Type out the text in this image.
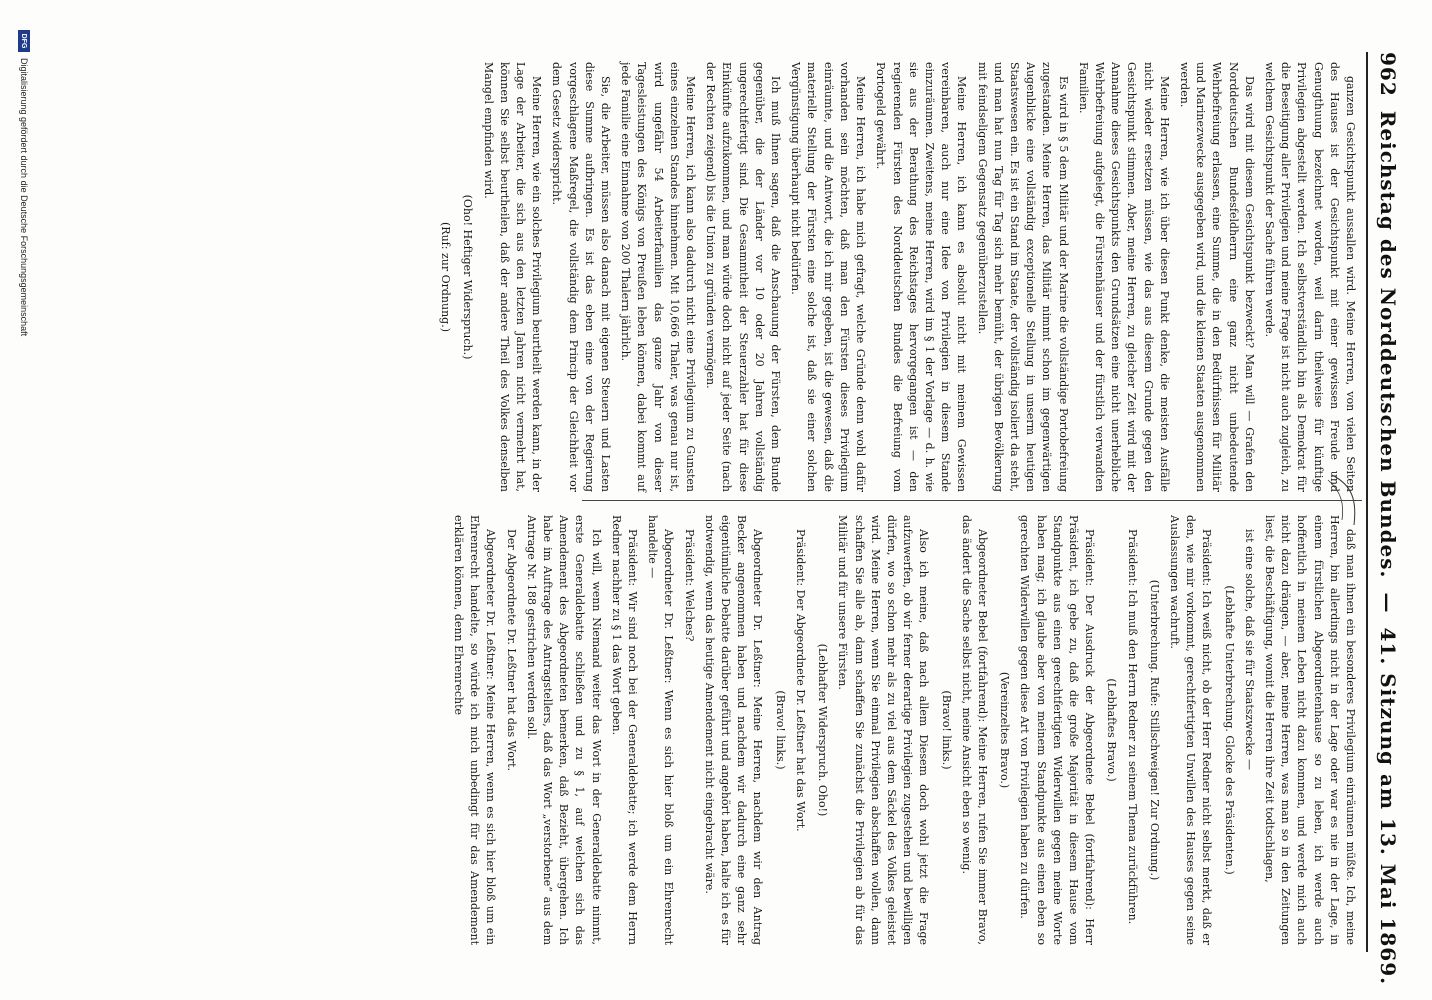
962
Reichstag des Norddeutschen Bundes.
—
41. Sitzung am 13. Mai 1869.

ganzen Gesichtspunkt aussallen wird. Meine Herren, von vielen Seiten des Hauses ist der Gesichtspunkt mit einer gewissen Freude und Genugthuung bezeichnet worden, weil darin theilweise für künftige Privilegien abgestellt werden. Ich selbstverständlich bin als Demokrat für die Beseitigung aller Privilegien und meine Frage ist nicht auch zugleich, zu welchem Gesichtspunkt der Sache führen werde.

Das wird mit diesem Gesichtspunkt bezweckt? Man will — Grafen den Norddeutschen Bundesfeldherrn eine ganz nicht unbedeutende Wehrbefreiung erlassen, eine Summe, die in den Bedürfnissen für Militär und Marinezwecke ausgegeben wird, und die kleinen Staaten ausgenommen werden.

Meine Herren, wie ich über diesen Punkt denke, die meisten Ausfälle nicht wieder ersetzen müssen, wie das aus diesem Grunde gegen den Gesichtspunkt stimmen. Aber, meine Herren, zu gleicher Zeit wird mit der Annahme dieses Gesichtspunkts den Grundsätzen eine nicht unerhebliche Wehrbefreiung aufgelegt, die Fürstenhäuser und der fürstlich verwandten Familien.

Es wird in § 5 dem Militär und der Marine die vollständige Portobefreiung zugestanden. Meine Herren, das Militär nimmt schon im gegenwärtigen Augenblicke eine vollständig exceptionelle Stellung in unserm heutigen Staatswesen ein. Es ist ein Stand im Staate, der vollständig isoliert da steht, und man hat nun Tag für Tag sich mehr bemüht, der übrigen Bevölkerung mit feindseligem Gegensatz gegenüberzustellen.

Meine Herren, ich kann es absolut nicht mit meinem Gewissen vereinbaren, auch nur eine Idee von Privilegien in diesem Stande einzuräumen. Zweitens, meine Herren, wird im § 1 der Vorlage — d. h. wie sie aus der Berathung des Reichstages hervorgegangen ist — den regierenden Fürsten des Norddeutschen Bundes die Befreiung vom Portogeld gewährt.

Meine Herren, ich habe mich gefragt, welche Gründe denn wohl dafür vorhanden sein möchten, daß man den Fürsten dieses Privilegium einräumte, und die Antwort, die ich mir gegeben, ist die gewesen, daß die materielle Stellung der Fürsten eine solche ist, daß sie einer solchen Vergünstigung überhaupt nicht bedürfen.

Ich muß Ihnen sagen, daß die Anschauung der Fürsten, dem Bunde gegenüber, die der Länder vor 10 oder 20 Jahren vollständig ungerechtfertigt sind. Die Gesammtheit der Steuerzahler hat für diese Einkünfte aufzukommen, und man würde doch nicht auf jeder Seite (nach der Rechten zeigend) bis die Union zu gründen vermögen.

Meine Herren, ich kann also dadurch nicht eine Privilegium zu Gunsten eines einzelnen Standes hinnehmen. Mit 10,666 Thaler, was genau nur ist, wird ungefähr 54 Arbeiterfamilien das ganze Jahr von dieser Tagesleistungen des Königs von Preußen leben können, dabei kommt auf jede Familie eine Einnahme von 200 Thalern jährlich.

Sie, die Arbeiter, müssen also danach mit eigenen Steuern und Lasten diese Summe aufbringen. Es ist das eben eine von der Regierung vorgeschlagene Maßregel, die vollständig dem Princip der Gleichheit vor dem Gesetz widerspricht.

Meine Herren, wie ein solches Privilegium beurtheilt werden kann, in der Lage der Arbeiter, die sich aus den letzten Jahren nicht vermehrt hat, können Sie selbst beurtheilen, daß der andere Theil des Volkes denselben Mangel empfinden wird.

(Oho! Heftiger Widerspruch.)

(Ruf: zur Ordnung.)

daß man ihnen ein besonderes Privilegium einräumen müßte. Ich, meine Herren, bin allerdings nicht in der Lage oder war es nie in der Lage, in einem fürstlichen Abgeordnetenhause so zu leben, ich werde auch hoffentlich in meinem Leben nicht dazu kommen, und werde mich auch nicht dazu drängen, — aber, meine Herren, was man so in den Zeitungen liest, die Beschäftigung, womit die Herren ihre Zeit todtschlagen,

ist eine solche, daß sie für Staatszwecke —

(Lebhafte Unterbrechung. Glocke des Präsidenten.)

Präsident: Ich weiß nicht, ob der Herr Redner nicht selbst merkt, daß er den, wie mir vorkommt, gerechtfertigten Unwillen des Hauses gegen seine Auslassungen wachruft.

(Unterbrechung. Rufe: Stillschweigen! Zur Ordnung.)

Präsident: Ich muß den Herrn Redner zu seinem Thema zurückführen.

(Lebhaftes Bravo.)

Präsident: Der Ausdruck der Abgeordnete Bebel (fortfahrend): Herr Präsident, ich gebe zu, daß die große Majorität in diesem Hause vom Standpunkte aus einen gerechtfertigten Widerwillen gegen meine Worte haben mag; ich glaube aber von meinem Standpunkte aus einen eben so gerechten Widerwillen gegen diese Art von Privilegien haben zu dürfen.

(Vereinzeltes Bravo.)

Abgeordneter Bebel (fortfahrend): Meine Herren, rufen Sie immer Bravo, das ändert die Sache selbst nicht, meine Ansicht eben so wenig.

(Bravo! links.)

Also ich meine, daß nach allem Diesem doch wohl jetzt die Frage aufzuwerfen, ob wir ferner derartige Privilegien zugestehen und bewilligen dürfen, wo so schon mehr als zu viel aus dem Säckel des Volkes geleistet wird. Meine Herren, wenn Sie einmal Privilegien abschaffen wollen, dann schaffen Sie alle ab, dann schaffen Sie zunächst die Privilegien ab für das Militär und für unsere Fürsten.

(Lebhafter Widerspruch. Oho!)

Präsident: Der Abgeordnete Dr. Leßtner hat das Wort.

(Bravo! links.)

Abgeordneter Dr. Leßtner: Meine Herren, nachdem wir den Antrag Becker angenommen haben und nachdem wir dadurch eine ganz sehr eigentümliche Debatte darüber geführt und angehört haben, halte ich es für notwendig, wenn das heutige Amendement nicht eingebracht wäre.

Präsident: Welches?

Abgeordneter Dr. Leßtner: Wenn es sich hier bloß um ein Ehrenrecht handelte —

Präsident: Wir sind noch bei der Generaldebatte; ich werde dem Herrn Redner nachher zu § 1 das Wort geben.

Ich will, wenn Niemand weiter das Wort in der Generaldebatte nimmt, erste Generaldebatte schließen und zu § 1, auf welchen sich das Amendement des Abgeordneten bemerken, daß Bezieht, übergehen. Ich habe im Auftrage des Antragstellers, daß das Wort „verstorbene“ aus dem Antrage Nr. 188 gestrichen werden soll.

Der Abgeordnete Dr. Leßtner hat das Wort.

Abgeordneter Dr. Leßtner: Meine Herren, wenn es sich hier bloß um ein Ehrenrecht handelte, so würde ich mich unbedingt für das Amendement erklären können, denn Ehrenrechte

DFG
Digitalisierung gefördert durch die Deutsche Forschungsgemeinschaft
